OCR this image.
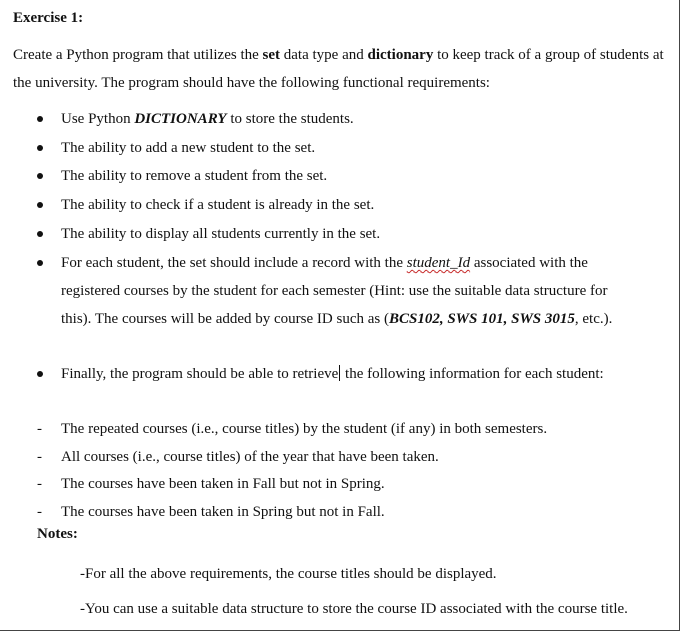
Exercise 1:

Create a Python program that utilizes the set data type and dictionary to keep track of a group of students at the university. The program should have the following functional requirements:

Use Python DICTIONARY to store the students.
The ability to add a new student to the set.
The ability to remove a student from the set.
The ability to check if a student is already in the set.
The ability to display all students currently in the set.
For each student, the set should include a record with the student_Id associated with the registered courses by the student for each semester (Hint: use the suitable data structure for this). The courses will be added by course ID such as (BCS102, SWS 101, SWS 3015, etc.).
Finally, the program should be able to retrieve the following information for each student:
- The repeated courses (i.e., course titles) by the student (if any) in both semesters.
- All courses (i.e., course titles) of the year that have been taken.
- The courses have been taken in Fall but not in Spring.
- The courses have been taken in Spring but not in Fall.

Notes:

-For all the above requirements, the course titles should be displayed.

-You can use a suitable data structure to store the course ID associated with the course title.
